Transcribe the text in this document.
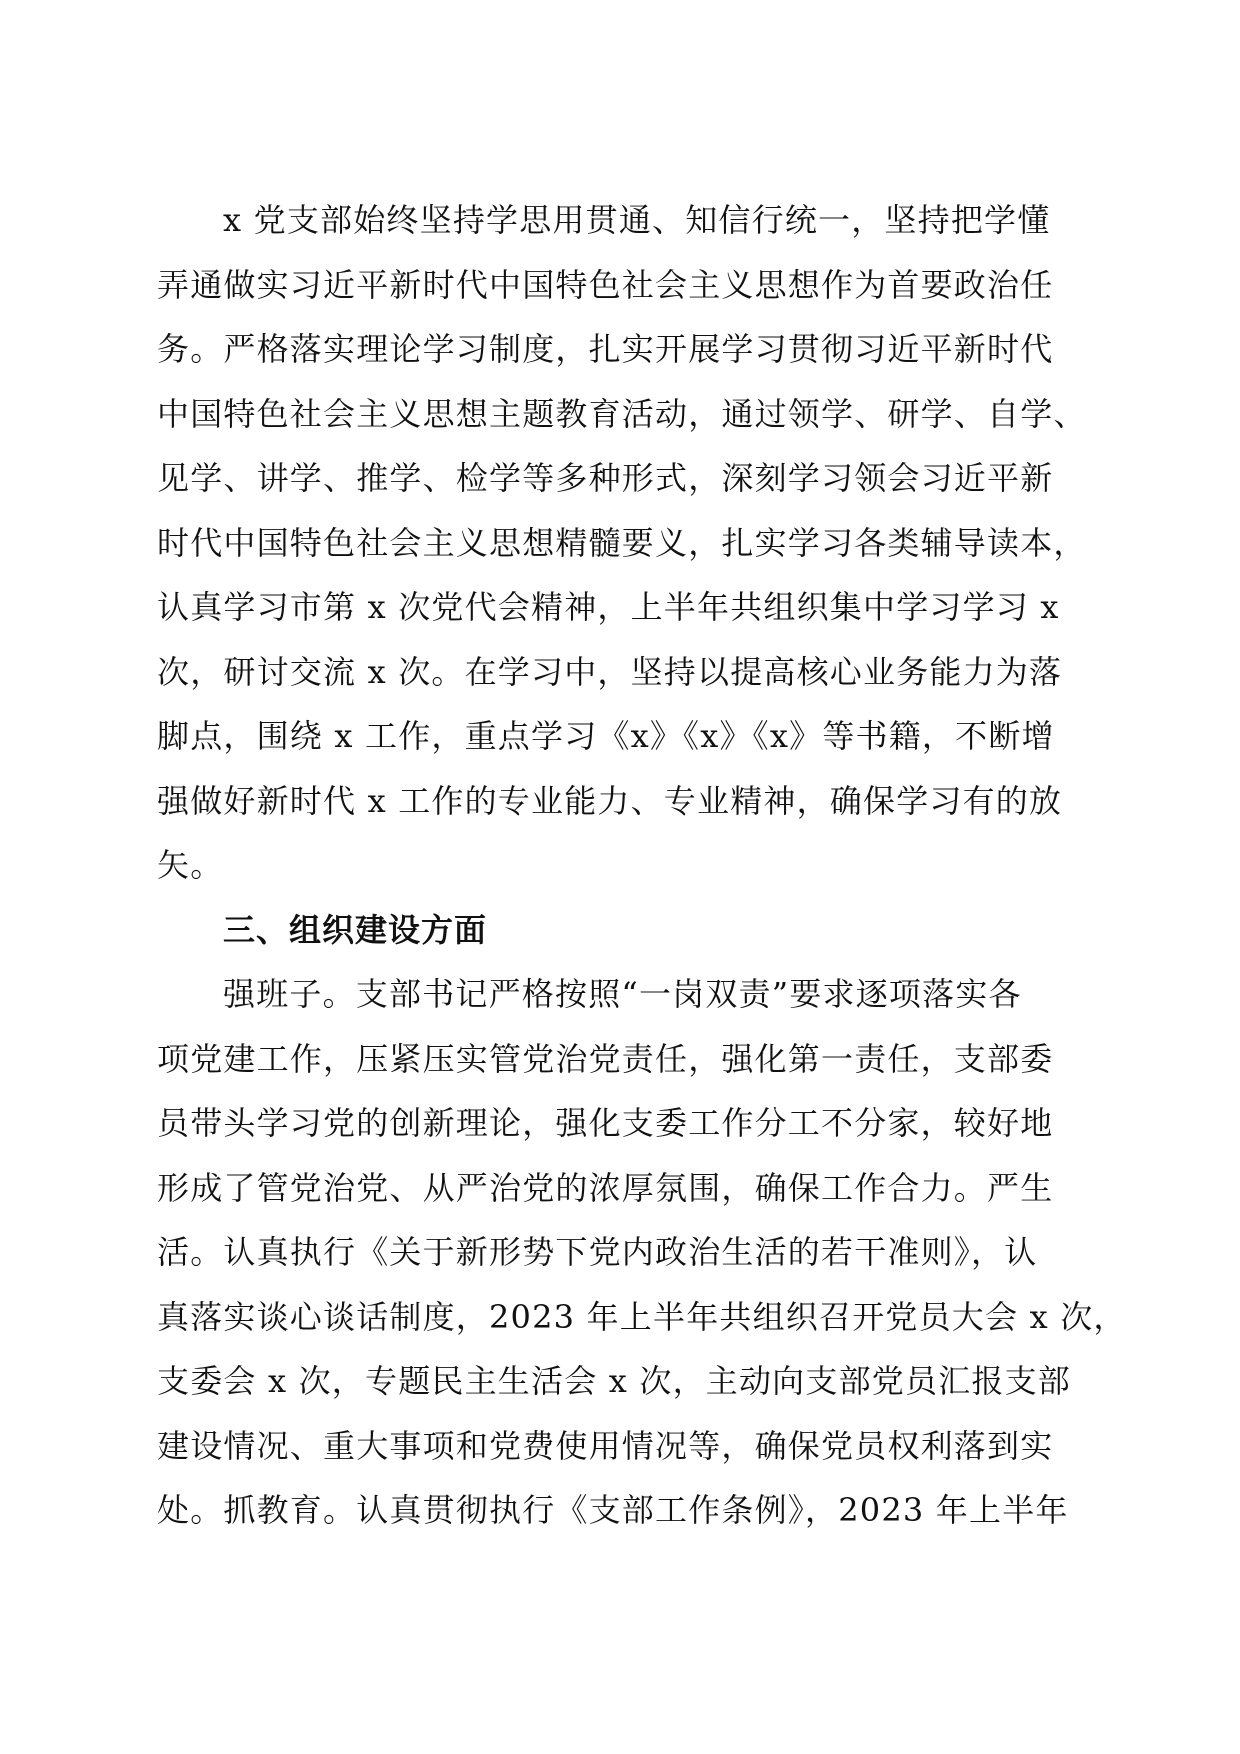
x 党支部始终坚持学思用贯通、知信行统一，坚持把学懂
弄通做实习近平新时代中国特色社会主义思想作为首要政治任
务。严格落实理论学习制度，扎实开展学习贯彻习近平新时代
中国特色社会主义思想主题教育活动，通过领学、研学、自学、
见学、讲学、推学、检学等多种形式，深刻学习领会习近平新
时代中国特色社会主义思想精髓要义，扎实学习各类辅导读本，
认真学习市第 x 次党代会精神，上半年共组织集中学习学习 x
次，研讨交流 x 次。在学习中，坚持以提高核心业务能力为落
脚点，围绕 x 工作，重点学习《x》《x》《x》等书籍，不断增
强做好新时代 x 工作的专业能力、专业精神，确保学习有的放
矢。
三、组织建设方面
强班子。支部书记严格按照“一岗双责”要求逐项落实各
项党建工作，压紧压实管党治党责任，强化第一责任，支部委
员带头学习党的创新理论，强化支委工作分工不分家，较好地
形成了管党治党、从严治党的浓厚氛围，确保工作合力。严生
活。认真执行《关于新形势下党内政治生活的若干准则》，认
真落实谈心谈话制度，2023 年上半年共组织召开党员大会 x 次，
支委会 x 次，专题民主生活会 x 次，主动向支部党员汇报支部
建设情况、重大事项和党费使用情况等，确保党员权利落到实
处。抓教育。认真贯彻执行《支部工作条例》，2023 年上半年
